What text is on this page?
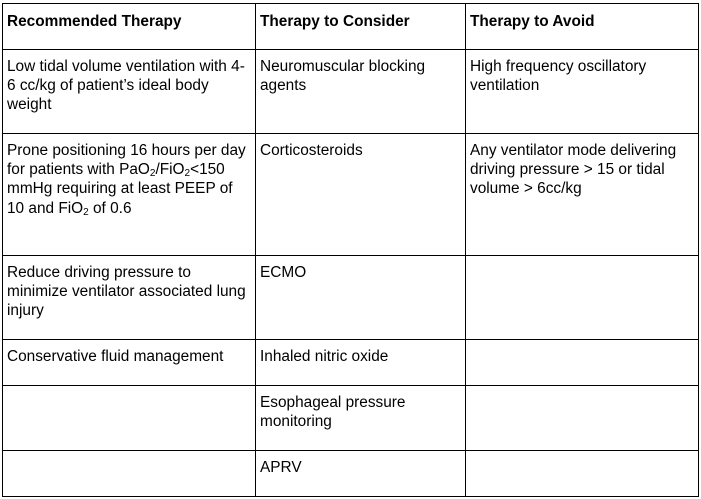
Recommended Therapy	Therapy to Consider	Therapy to Avoid
Low tidal volume ventilation with 4-6 cc/kg of patient’s ideal body weight	Neuromuscular blocking agents	High frequency oscillatory ventilation
Prone positioning 16 hours per day for patients with PaO$_2$/FiO$_2$<150 mmHg requiring at least PEEP of 10 and FiO$_2$ of 0.6	Corticosteroids	Any ventilator mode delivering driving pressure > 15 or tidal volume > 6cc/kg
Reduce driving pressure to minimize ventilator associated lung injury	ECMO	
Conservative fluid management	Inhaled nitric oxide	
	Esophageal pressure monitoring	
	APRV	
